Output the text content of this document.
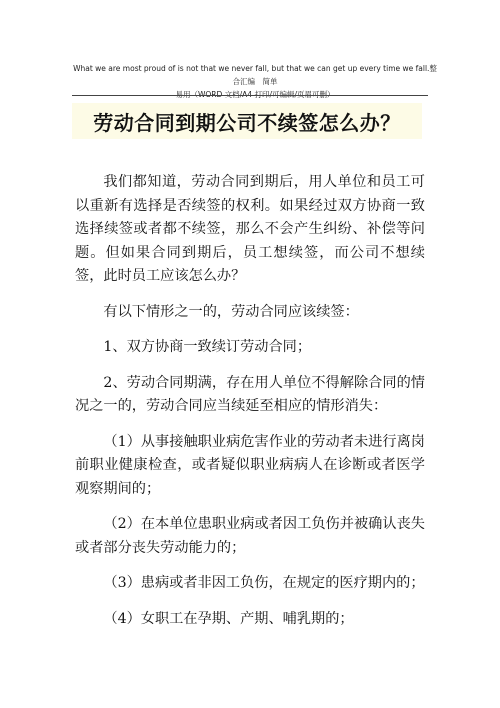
What we are most proud of is not that we never fall, but that we can get up every time we fall.整合汇编　简单
易用（WORD 文档/A4 打印/可编辑/页眉可删）
劳动合同到期公司不续签怎么办？

我们都知道，劳动合同到期后，用人单位和员工可以重新有选择是否续签的权利。如果经过双方协商一致选择续签或者都不续签，那么不会产生纠纷、补偿等问题。但如果合同到期后，员工想续签，而公司不想续签，此时员工应该怎么办？

有以下情形之一的，劳动合同应该续签：

1、双方协商一致续订劳动合同；

2、劳动合同期满，存在用人单位不得解除合同的情况之一的，劳动合同应当续延至相应的情形消失：

（1）从事接触职业病危害作业的劳动者未进行离岗前职业健康检查，或者疑似职业病病人在诊断或者医学观察期间的；

（2）在本单位患职业病或者因工负伤并被确认丧失或者部分丧失劳动能力的；

（3）患病或者非因工负伤，在规定的医疗期内的；

（4）女职工在孕期、产期、哺乳期的；
